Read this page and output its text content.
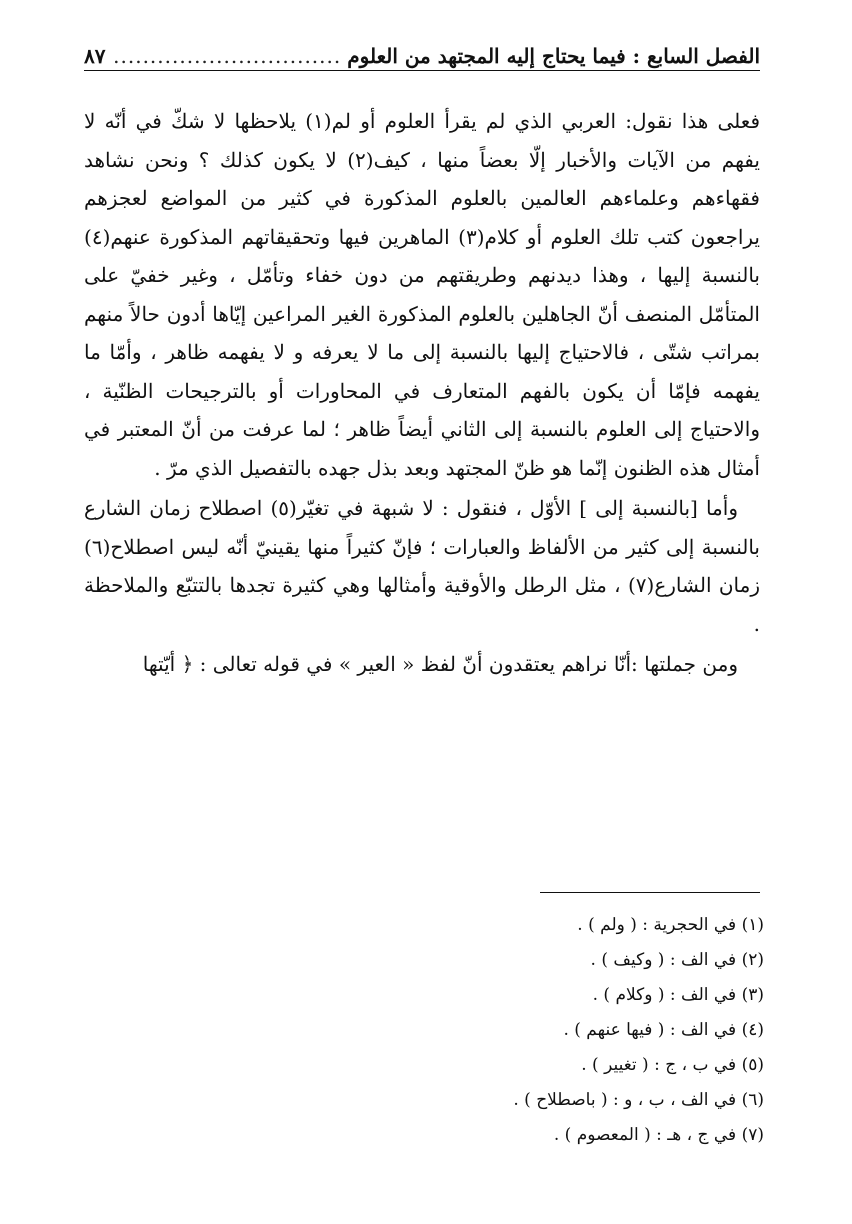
الفصل السابع : فيما يحتاج إليه المجتهد من العلوم
.....
٨٧

فعلى هذا نقول: العربي الذي لم يقرأ العلوم أو لم(١) يلاحظها لا شكّ في أنّه لا يفهم من الآيات والأخبار إلّا بعضاً منها ، كيف(٢) لا يكون كذلك ؟ ونحن نشاهد فقهاءهم وعلماءهم العالمين بالعلوم المذكورة في كثير من المواضع لعجزهم يراجعون كتب تلك العلوم أو كلام(٣) الماهرين فيها وتحقيقاتهم المذكورة عنهم(٤) بالنسبة إليها ، وهذا ديدنهم وطريقتهم من دون خفاء وتأمّل ، وغير خفيّ على المتأمّل المنصف أنّ الجاهلين بالعلوم المذكورة الغير المراعين إيّاها أدون حالاً منهم بمراتب شتّى ، فالاحتياج إليها بالنسبة إلى ما لا يعرفه و لا يفهمه ظاهر ، وأمّا ما يفهمه فإمّا أن يكون بالفهم المتعارف في المحاورات أو بالترجيحات الظنّية ، والاحتياج إلى العلوم بالنسبة إلى الثاني أيضاً ظاهر ؛ لما عرفت من أنّ المعتبر في أمثال هذه الظنون إنّما هو ظنّ المجتهد وبعد بذل جهده بالتفصيل الذي مرّ .

وأما [بالنسبة إلى ] الأوّل ، فنقول : لا شبهة في تغيّر(٥) اصطلاح زمان الشارع بالنسبة إلى كثير من الألفاظ والعبارات ؛ فإنّ كثيراً منها يقينيّ أنّه ليس اصطلاح(٦) زمان الشارع(٧) ، مثل الرطل والأوقية وأمثالها وهي كثيرة تجدها بالتتبّع والملاحظة .

ومن جملتها :أنّا نراهم يعتقدون أنّ لفظ « العير » في قوله تعالى : ﴿ أيّتها

(١) في الحجرية : ( ولم ) .
(٢) في الف : ( وكيف ) .
(٣) في الف : ( وكلام ) .
(٤) في الف : ( فيها عنهم ) .
(٥) في ب ، ج : ( تغيير ) .
(٦) في الف ، ب ، و : ( باصطلاح ) .
(٧) في ج ، هـ : ( المعصوم ) .
